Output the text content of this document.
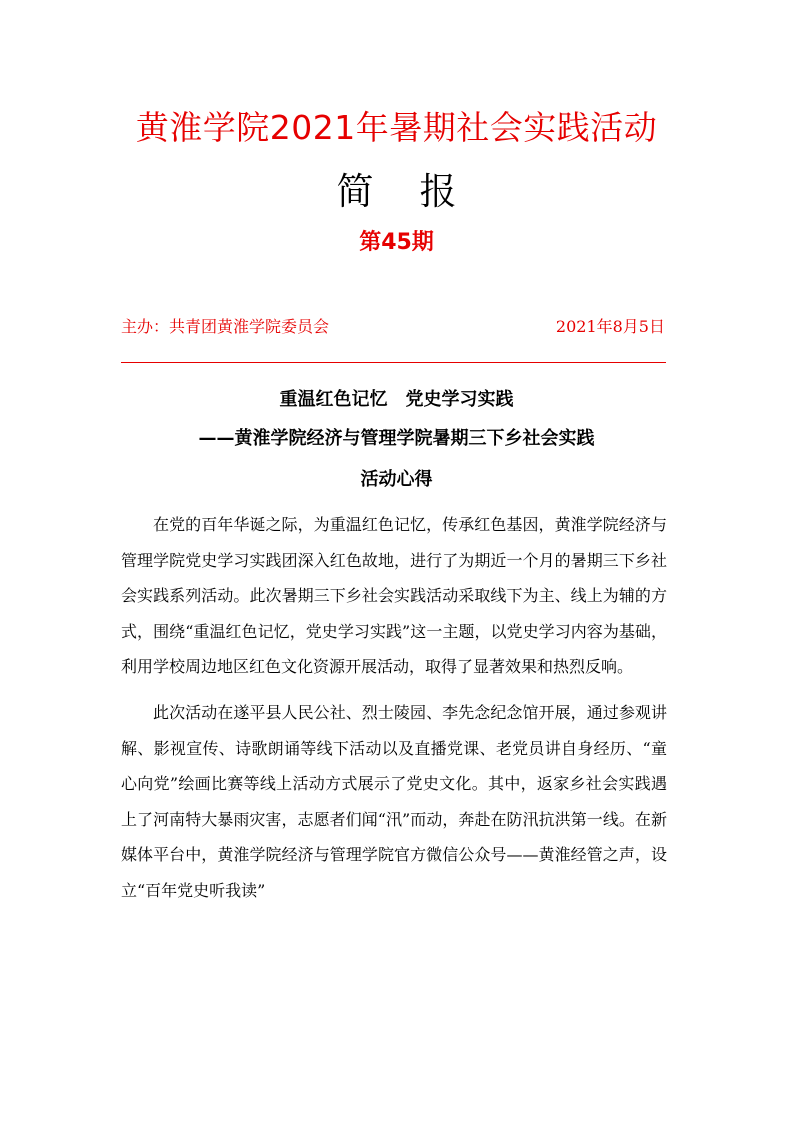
黄淮学院2021年暑期社会实践活动
简 报
第45期
主办：共青团黄淮学院委员会	2021年8月5日
重温红色记忆　党史学习实践
——黄淮学院经济与管理学院暑期三下乡社会实践
活动心得

在党的百年华诞之际，为重温红色记忆，传承红色基因，黄淮学院经济与管理学院党史学习实践团深入红色故地，进行了为期近一个月的暑期三下乡社会实践系列活动。此次暑期三下乡社会实践活动采取线下为主、线上为辅的方式，围绕“重温红色记忆，党史学习实践”这一主题，以党史学习内容为基础，利用学校周边地区红色文化资源开展活动，取得了显著效果和热烈反响。

此次活动在遂平县人民公社、烈士陵园、李先念纪念馆开展，通过参观讲解、影视宣传、诗歌朗诵等线下活动以及直播党课、老党员讲自身经历、“童心向党”绘画比赛等线上活动方式展示了党史文化。其中，返家乡社会实践遇上了河南特大暴雨灾害，志愿者们闻“汛”而动，奔赴在防汛抗洪第一线。在新媒体平台中，黄淮学院经济与管理学院官方微信公众号——黄淮经管之声，设立“百年党史听我读”
